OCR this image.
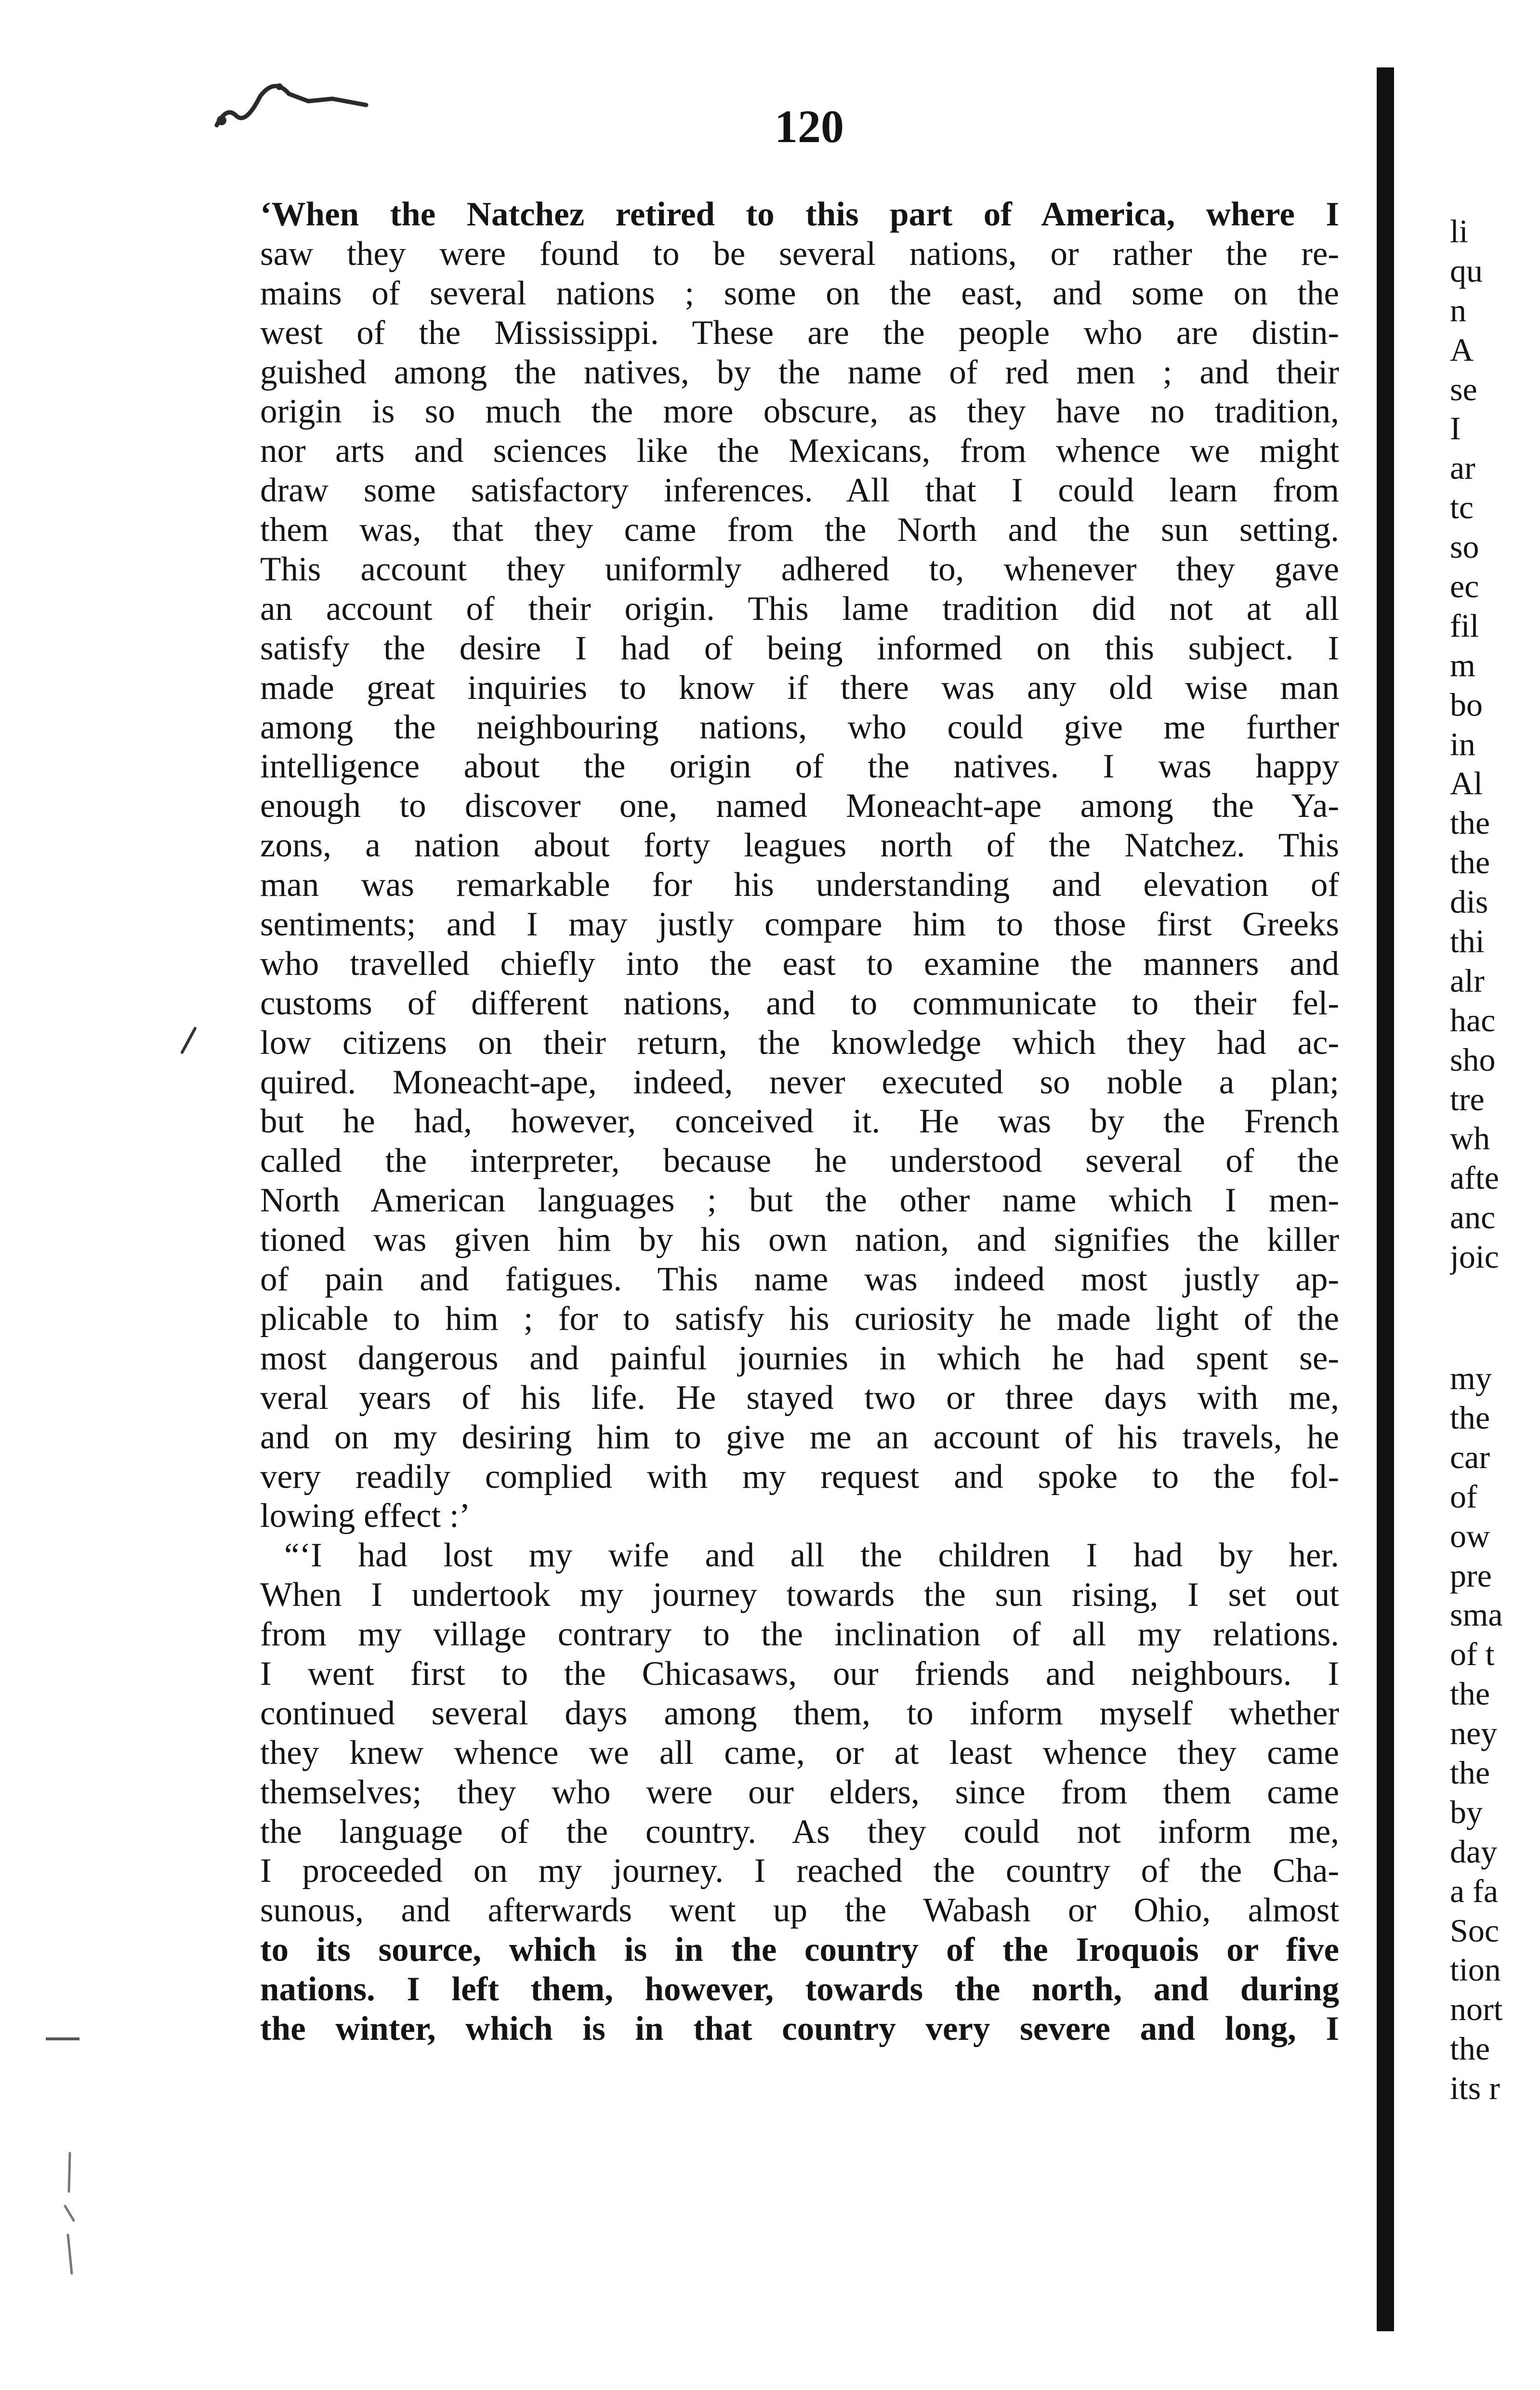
120
‘When the Natchez retired to this part of America, where I
saw they were found to be several nations, or rather the re-
mains of several nations ; some on the east, and some on the
west of the Mississippi. These are the people who are distin-
guished among the natives, by the name of red men ; and their
origin is so much the more obscure, as they have no tradition,
nor arts and sciences like the Mexicans, from whence we might
draw some satisfactory inferences. All that I could learn from
them was, that they came from the North and the sun setting.
This account they uniformly adhered to, whenever they gave
an account of their origin. This lame tradition did not at all
satisfy the desire I had of being informed on this subject. I
made great inquiries to know if there was any old wise man
among the neighbouring nations, who could give me further
intelligence about the origin of the natives. I was happy
enough to discover one, named Moneacht-ape among the Ya-
zons, a nation about forty leagues north of the Natchez. This
man was remarkable for his understanding and elevation of
sentiments; and I may justly compare him to those first Greeks
who travelled chiefly into the east to examine the manners and
customs of different nations, and to communicate to their fel-
low citizens on their return, the knowledge which they had ac-
quired. Moneacht-ape, indeed, never executed so noble a plan;
but he had, however, conceived it. He was by the French
called the interpreter, because he understood several of the
North American languages ; but the other name which I men-
tioned was given him by his own nation, and signifies the killer
of pain and fatigues. This name was indeed most justly ap-
plicable to him ; for to satisfy his curiosity he made light of the
most dangerous and painful journies in which he had spent se-
veral years of his life. He stayed two or three days with me,
and on my desiring him to give me an account of his travels, he
very readily complied with my request and spoke to the fol-
lowing effect :’
“‘I had lost my wife and all the children I had by her.
When I undertook my journey towards the sun rising, I set out
from my village contrary to the inclination of all my relations.
I went first to the Chicasaws, our friends and neighbours. I
continued several days among them, to inform myself whether
they knew whence we all came, or at least whence they came
themselves; they who were our elders, since from them came
the language of the country. As they could not inform me,
I proceeded on my journey. I reached the country of the Cha-
sunous, and afterwards went up the Wabash or Ohio, almost
to its source, which is in the country of the Iroquois or five
nations. I left them, however, towards the north, and during
the winter, which is in that country very severe and long, I
li
qu
n
A
se
I
ar
tc
so
ec
fil
m
bo
in
Al
the
the
dis
thi
alr
hac
sho
tre
wh
afte
anc
joic
my
the
car
of
ow
pre
sma
of t
the
ney
the
by
day
a fa
Soc
tion
nort
the
its r
